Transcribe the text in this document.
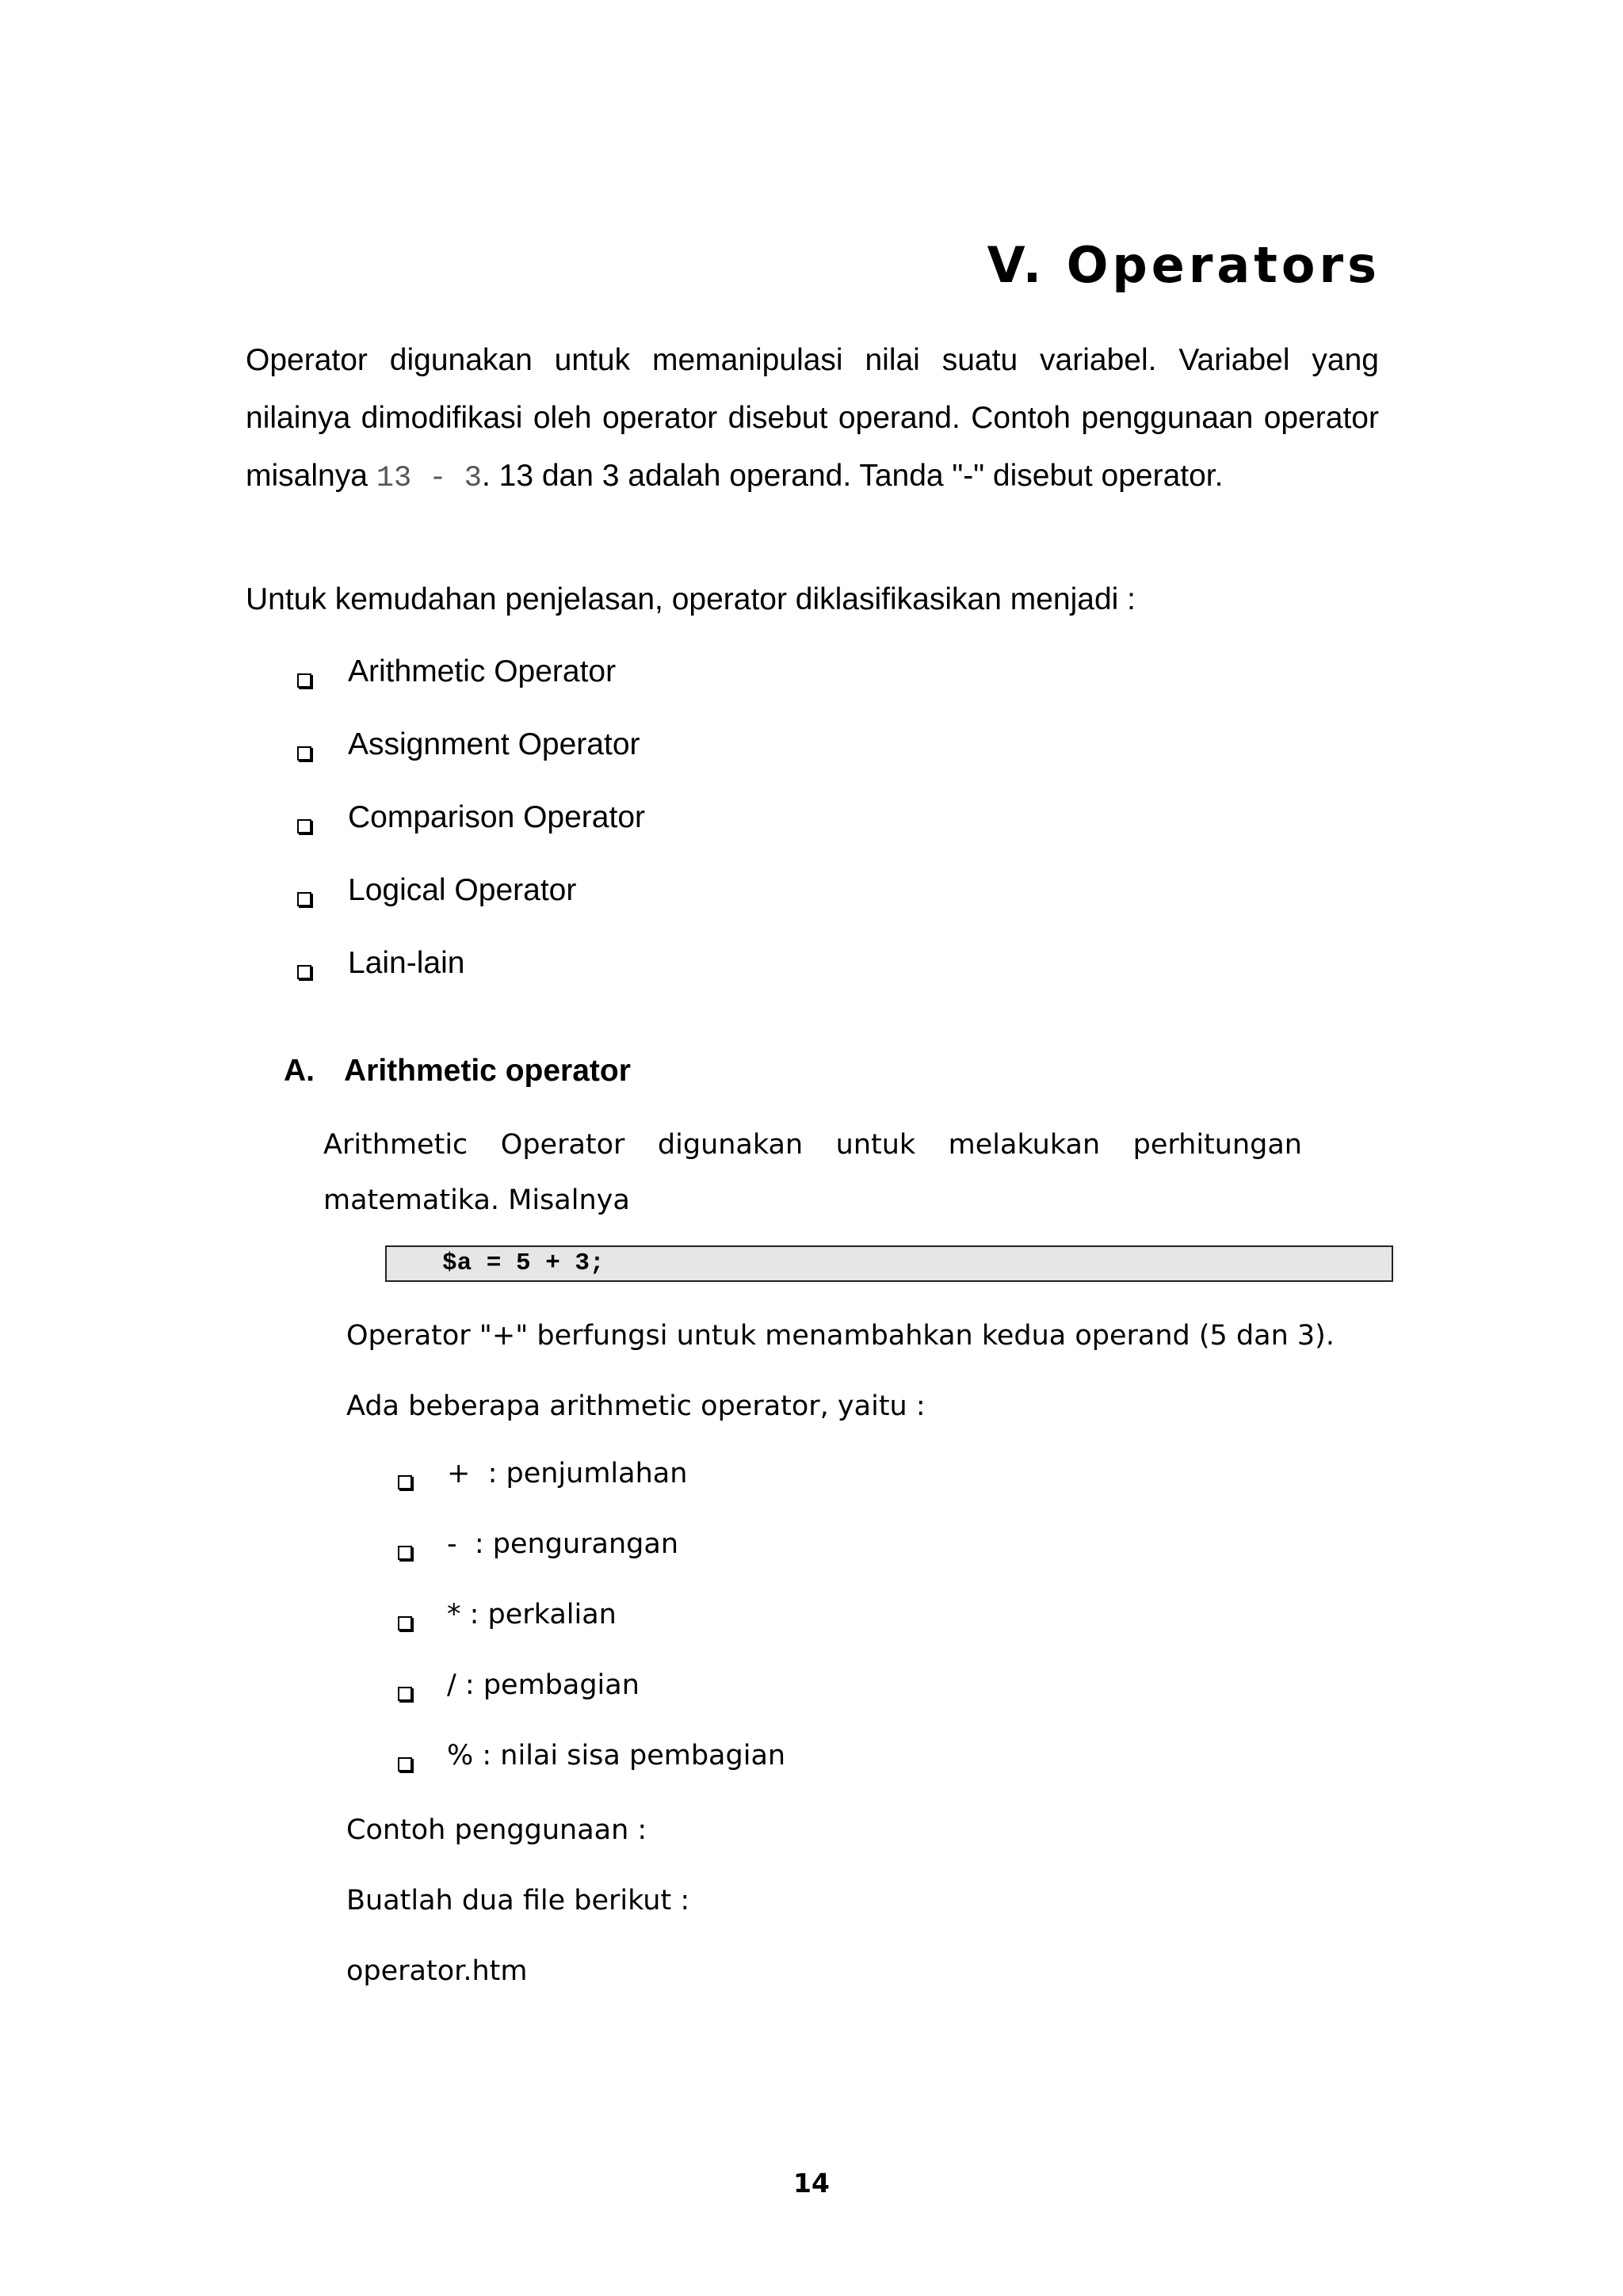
V. Operators

Operator digunakan untuk memanipulasi nilai suatu variabel. Variabel yang nilainya dimodifikasi oleh operator disebut operand. Contoh penggunaan operator misalnya 13 - 3. 13 dan 3 adalah operand. Tanda "-" disebut operator.

Untuk kemudahan penjelasan, operator diklasifikasikan menjadi :

Arithmetic Operator
Assignment Operator
Comparison Operator
Logical Operator
Lain-lain
A. Arithmetic operator

Arithmetic Operator digunakan untuk melakukan perhitungan

matematika. Misalnya

$a = 5 + 3;

Operator "+" berfungsi untuk menambahkan kedua operand (5 dan 3).

Ada beberapa arithmetic operator, yaitu :

+  : penjumlahan
-  : pengurangan
* : perkalian
/ : pembagian
% : nilai sisa pembagian

Contoh penggunaan :

Buatlah dua file berikut :

operator.htm

14
